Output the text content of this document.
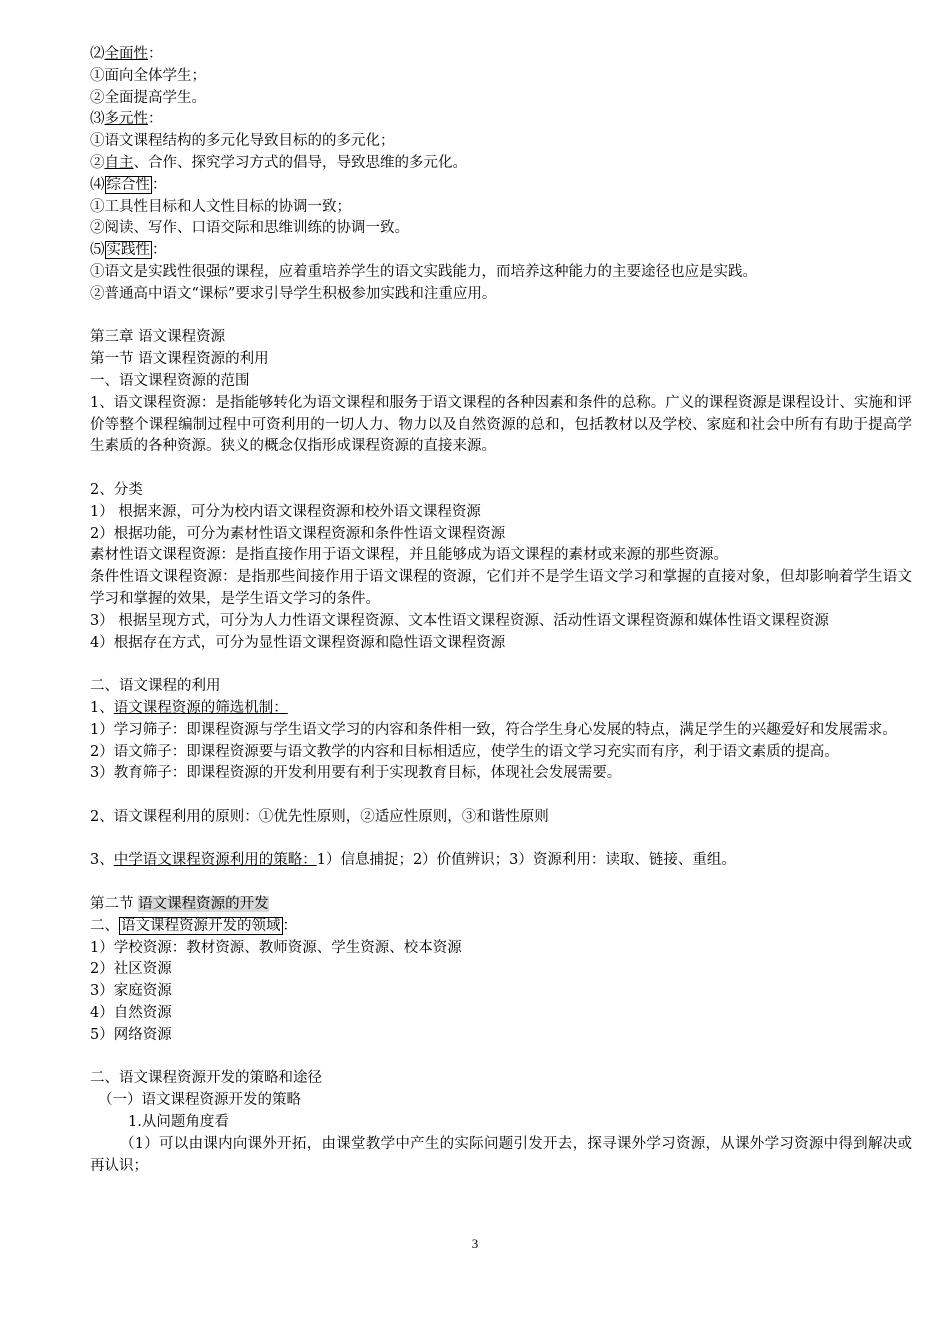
⑵全面性：
①面向全体学生；
②全面提高学生。
⑶多元性：
①语文课程结构的多元化导致目标的的多元化；
②自主、合作、探究学习方式的倡导，导致思维的多元化。
⑷ 综合性 ：
①工具性目标和人文性目标的协调一致；
②阅读、写作、口语交际和思维训练的协调一致。
⑸ 实践性 ：
①语文是实践性很强的课程，应着重培养学生的语文实践能力，而培养这种能力的主要途径也应是实践。
②普通高中语文“课标”要求引导学生积极参加实践和注重应用。
第三章 语文课程资源
第一节 语文课程资源的利用
一、语文课程资源的范围
1、语文课程资源：是指能够转化为语文课程和服务于语文课程的各种因素和条件的总称。广义的课程资源是课程设计、实施和评价等整个课程编制过程中可资利用的一切人力、物力以及自然资源的总和，包括教材以及学校、家庭和社会中所有有助于提高学生素质的各种资源。狭义的概念仅指形成课程资源的直接来源。
2、分类
1） 根据来源，可分为校内语文课程资源和校外语文课程资源
2）根据功能，可分为素材性语文课程资源和条件性语文课程资源
素材性语文课程资源：是指直接作用于语文课程，并且能够成为语文课程的素材或来源的那些资源。
条件性语文课程资源：是指那些间接作用于语文课程的资源，它们并不是学生语文学习和掌握的直接对象，但却影响着学生语文学习和掌握的效果，是学生语文学习的条件。
3） 根据呈现方式，可分为人力性语文课程资源、文本性语文课程资源、活动性语文课程资源和媒体性语文课程资源
4）根据存在方式，可分为显性语文课程资源和隐性语文课程资源
二、语文课程的利用
1、语文课程资源的筛选机制：
1）学习筛子：即课程资源与学生语文学习的内容和条件相一致，符合学生身心发展的特点，满足学生的兴趣爱好和发展需求。
2）语文筛子：即课程资源要与语文教学的内容和目标相适应，使学生的语文学习充实而有序，利于语文素质的提高。
3）教育筛子：即课程资源的开发利用要有利于实现教育目标，体现社会发展需要。
2、语文课程利用的原则：①优先性原则，②适应性原则，③和谐性原则
3、中学语文课程资源利用的策略：1）信息捕捉；2）价值辨识；3）资源利用：读取、链接、重组。
第二节 语文课程资源的开发
二、 语文课程资源开发的领域 ：
1）学校资源：教材资源、教师资源、学生资源、校本资源
2）社区资源
3）家庭资源
4）自然资源
5）网络资源
二、语文课程资源开发的策略和途径
（一）语文课程资源开发的策略
1.从问题角度看
（1）可以由课内向课外开拓，由课堂教学中产生的实际问题引发开去，探寻课外学习资源，从课外学习资源中得到解决或再认识；
3
